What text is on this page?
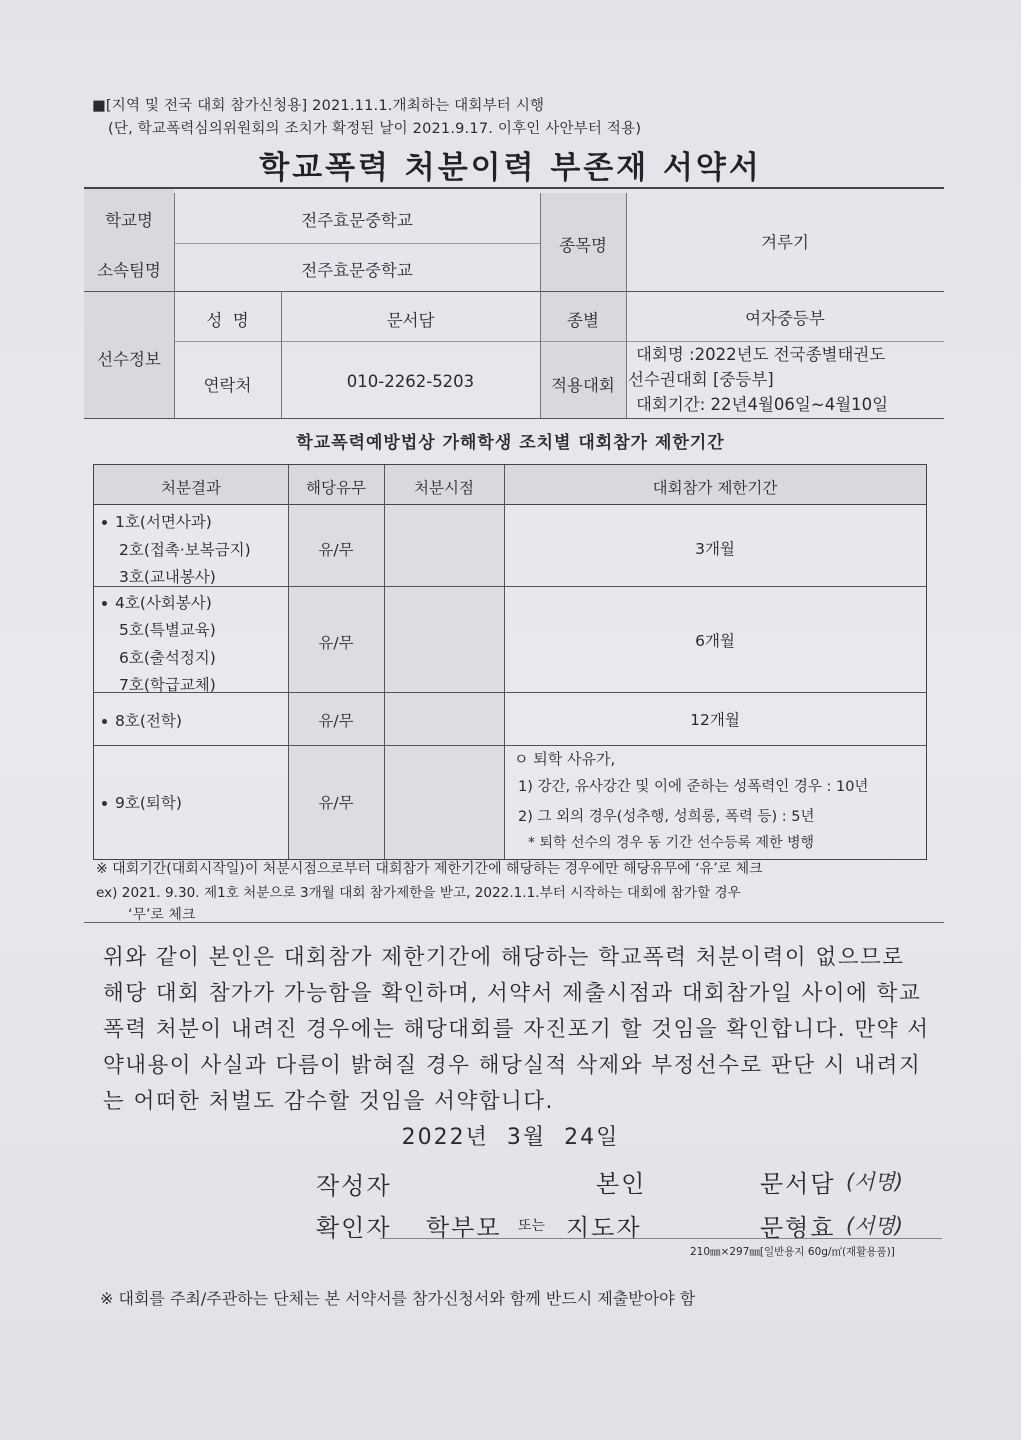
■[지역 및 전국 대회 참가신청용] 2021.11.1.개최하는 대회부터 시행
(단, 학교폭력심의위원회의 조치가 확정된 날이 2021.9.17. 이후인 사안부터 적용)
학교폭력 처분이력 부존재 서약서
학교명	전주효문중학교
소속팀명	전주효문중학교
종목명	겨루기
선수정보
성  명	문서담	종별	여자중등부
연락처	010-2262-5203	적용대회
대회명 :2022년도 전국종별태권도
선수권대회 [중등부]
대회기간: 22년4월06일~4월10일
학교폭력예방법상 가해학생 조치별 대회참가 제한기간
처분결과	해당유무	처분시점	대회참가 제한기간
1호(서면사과)
2호(접촉·보복금지)
3호(교내봉사)
유/무	3개월
4호(사회봉사)
5호(특별교육)
6호(출석정지)
7호(학급교체)
유/무	6개월
8호(전학)	유/무	12개월
9호(퇴학)	유/무
ㅇ 퇴학 사유가,
1) 강간, 유사강간 및 이에 준하는 성폭력인 경우 : 10년
2) 그 외의 경우(성추행, 성희롱, 폭력 등) : 5년
* 퇴학 선수의 경우 동 기간 선수등록 제한 병행
※ 대회기간(대회시작일)이 처분시점으로부터 대회참가 제한기간에 해당하는 경우에만 해당유무에 ‘유’로 체크
ex) 2021. 9.30. 제1호 처분으로 3개월 대회 참가제한을 받고, 2022.1.1.부터 시작하는 대회에 참가할 경우
‘무’로 체크
위와 같이 본인은 대회참가 제한기간에 해당하는 학교폭력 처분이력이 없으므로 해당 대회 참가가 가능함을 확인하며, 서약서 제출시점과 대회참가일 사이에 학교폭력 처분이 내려진 경우에는 해당대회를 자진포기 할 것임을 확인합니다. 만약 서약내용이 사실과 다름이 밝혀질 경우 해당실적 삭제와 부정선수로 판단 시 내려지는 어떠한 처벌도 감수할 것임을 서약합니다.
2022년  3월  24일
작성자	본인	문서담 (서명)
확인자 학부모 또는 지도자	문형효 (서명)
210㎜×297㎜[일반용지 60g/㎡(재활용품)]
※ 대회를 주최/주관하는 단체는 본 서약서를 참가신청서와 함께 반드시 제출받아야 함
